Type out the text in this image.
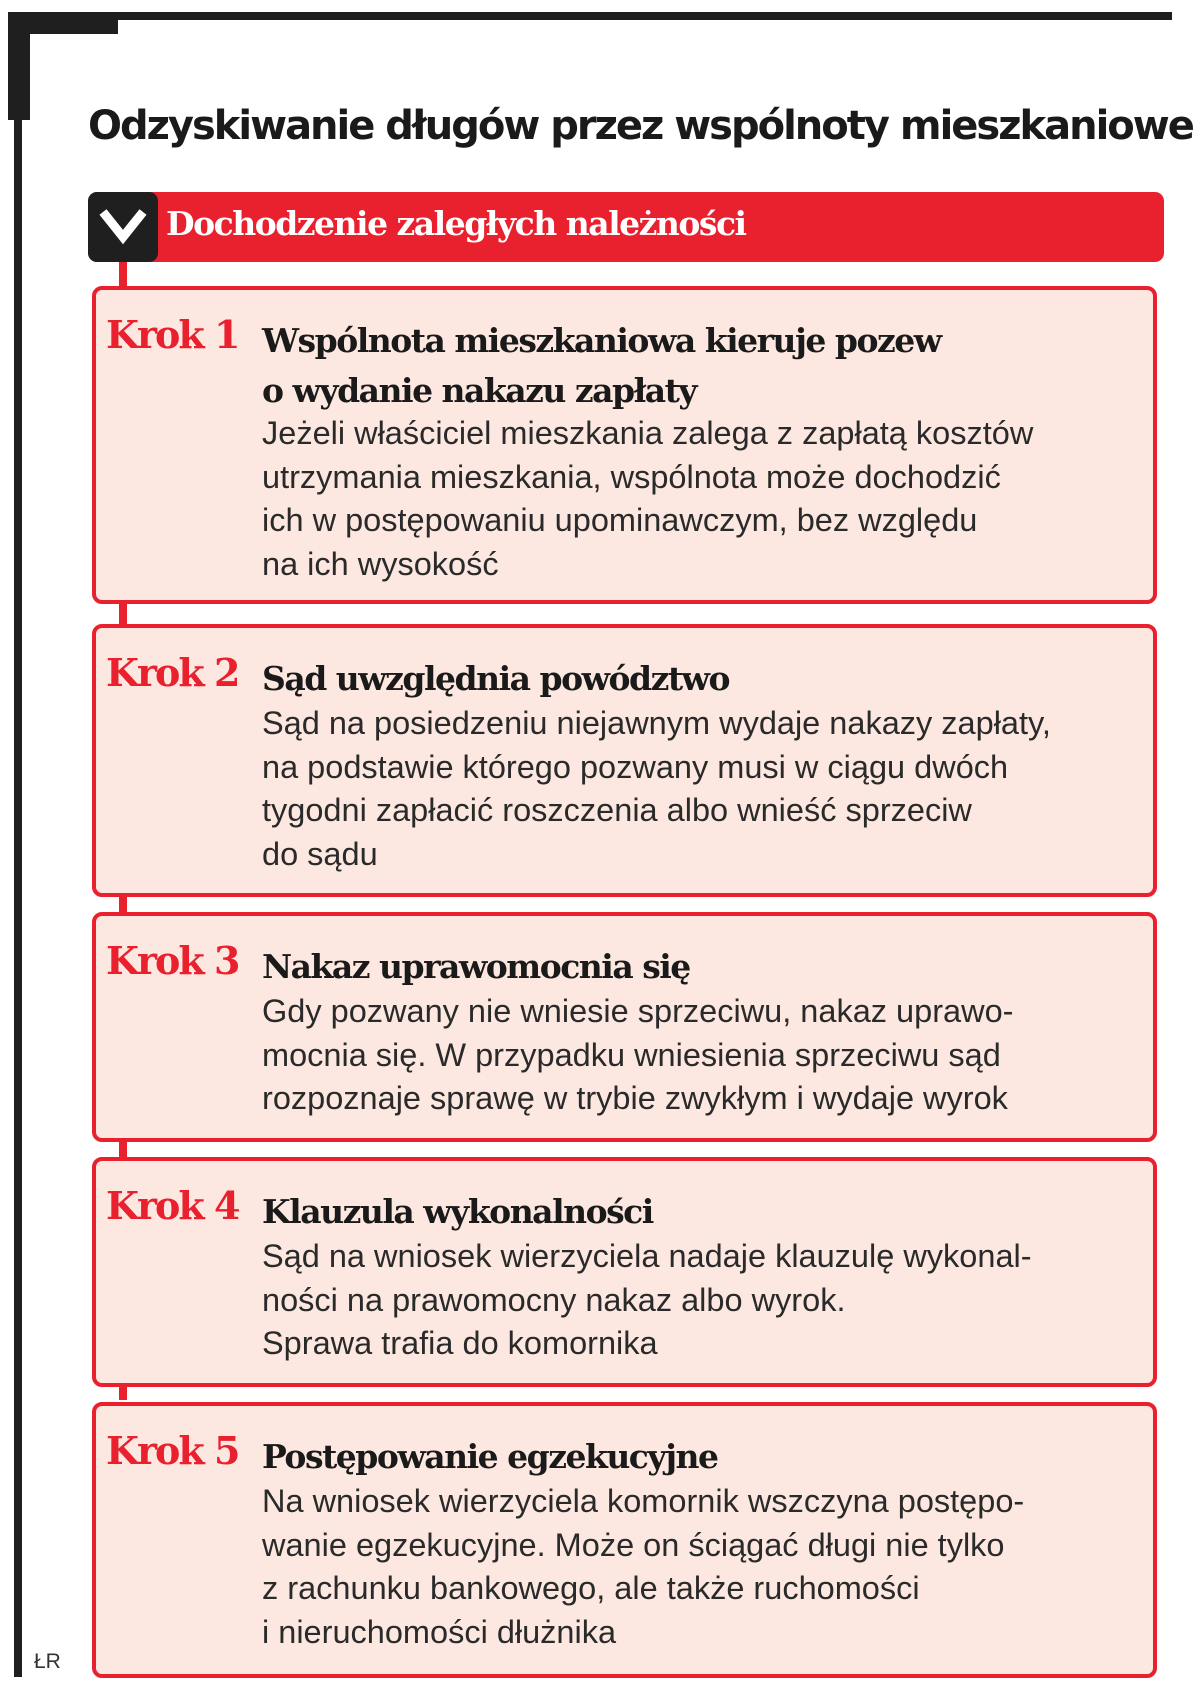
Odzyskiwanie długów przez wspólnoty mieszkaniowe
Dochodzenie zaległych należności
Krok 1 Wspólnota mieszkaniowa kieruje pozew
o wydanie nakazu zapłaty
Jeżeli właściciel mieszkania zalega z zapłatą kosztów
utrzymania mieszkania, wspólnota może dochodzić
ich w postępowaniu upominawczym, bez względu
na ich wysokość
Krok 2 Sąd uwzględnia powództwo
Sąd na posiedzeniu niejawnym wydaje nakazy zapłaty,
na podstawie którego pozwany musi w ciągu dwóch
tygodni zapłacić roszczenia albo wnieść sprzeciw
do sądu
Krok 3 Nakaz uprawomocnia się
Gdy pozwany nie wniesie sprzeciwu, nakaz uprawo-
mocnia się. W przypadku wniesienia sprzeciwu sąd
rozpoznaje sprawę w trybie zwykłym i wydaje wyrok
Krok 4 Klauzula wykonalności
Sąd na wniosek wierzyciela nadaje klauzulę wykonal-
ności na prawomocny nakaz albo wyrok.
Sprawa trafia do komornika
Krok 5 Postępowanie egzekucyjne
Na wniosek wierzyciela komornik wszczyna postępo-
wanie egzekucyjne. Może on ściągać długi nie tylko
z rachunku bankowego, ale także ruchomości
i nieruchomości dłużnika
ŁR
